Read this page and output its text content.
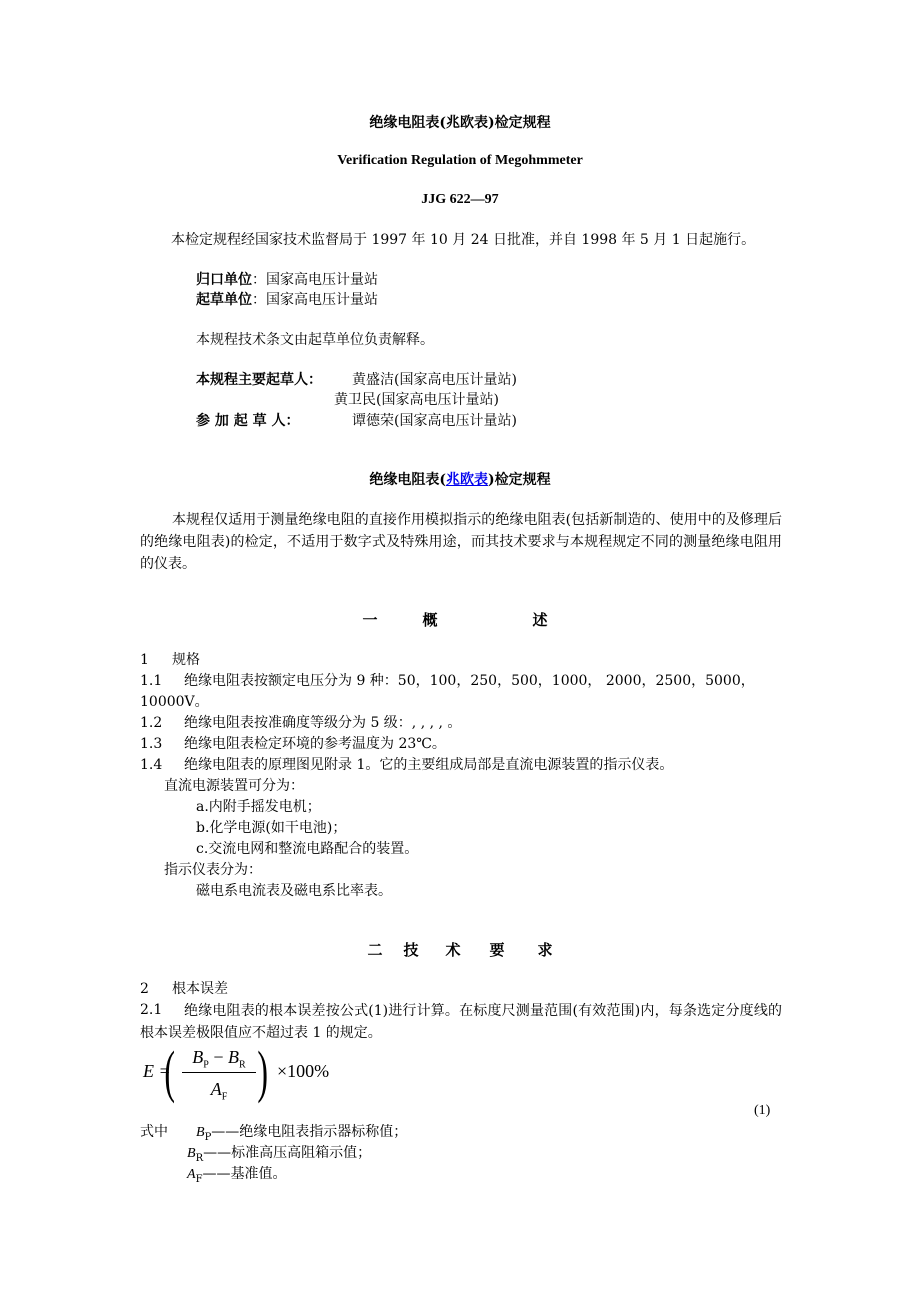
绝缘电阻表(兆欧表)检定规程
Verification Regulation of Megohmmeter
JJG 622—97
本检定规程经国家技术监督局于 1997 年 10 月 24 日批准，并自 1998 年 5 月 1 日起施行。
归口单位：国家高电压计量站
起草单位：国家高电压计量站
本规程技术条文由起草单位负责解释。
本规程主要起草人： 黄盛洁(国家高电压计量站)
黄卫民(国家高电压计量站)
参 加 起 草 人：	谭德荣(国家高电压计量站)
绝缘电阻表(兆欧表)检定规程
本规程仅适用于测量绝缘电阻的直接作用模拟指示的绝缘电阻表(包括新制造的、使用中的及修理后的绝缘电阻表)的检定，不适用于数字式及特殊用途，而其技术要求与本规程规定不同的测量绝缘电阻用的仪表。
一	概	述
1 规格
1.1 绝缘电阻表按额定电压分为 9 种：50，100，250，500，1000， 2000，2500，5000，
10000V。
1.2 绝缘电阻表按准确度等级分为 5 级：, , , , 。
1.3 绝缘电阻表检定环境的参考温度为 23℃。
1.4 绝缘电阻表的原理图见附录 1。它的主要组成局部是直流电源装置的指示仪表。
直流电源装置可分为：
a.内附手摇发电机；
b.化学电源(如干电池)；
c.交流电网和整流电路配合的装置。
指示仪表分为：
磁电系电流表及磁电系比率表。
二 技 术 要 求
2 根本误差
2.1	绝缘电阻表的根本误差按公式(1)进行计算。在标度尺测量范围(有效范围)内，每条选定分度线的根本误差极限值应不超过表 1 的规定。
E =
( $B_P - B_R$
$A_F$ ) ×100%
(1)
式中 $B_P——$绝缘电阻表指示器标称值；
$B_R——$标准高压高阻箱示值；
$A_F——$基准值。
